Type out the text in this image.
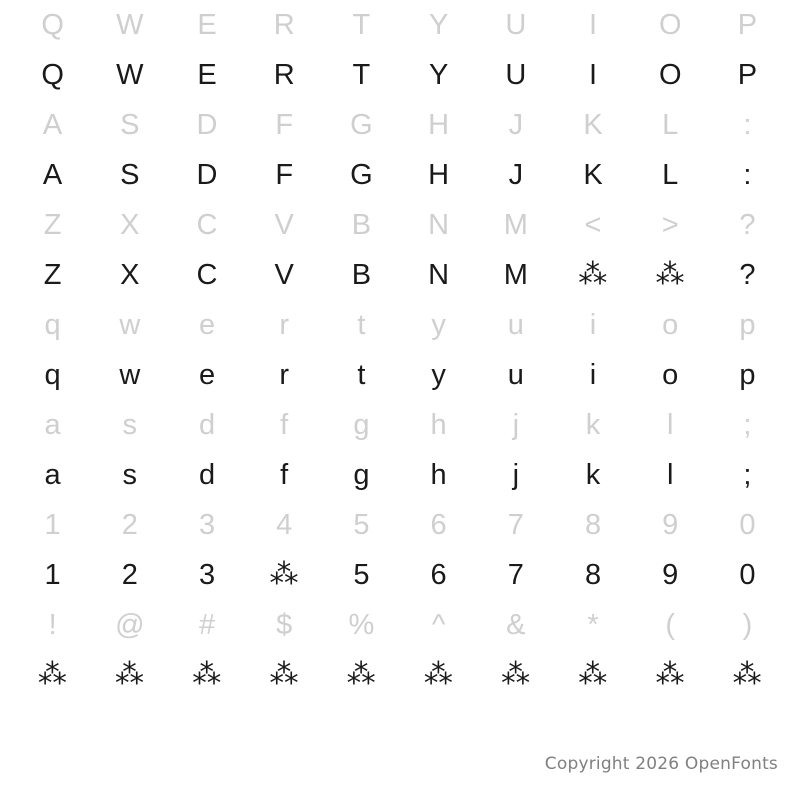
Q	W	E	R	T	Y	U	I	O	P
Q	W	E	R	T	Y	U	I	O	P
A	S	D	F	G	H	J	K	L	:
A	S	D	F	G	H	J	K	L	:
Z	X	C	V	B	N	M	<	>	?
Z	X	C	V	B	N	M	⁂	⁂	?
q	w	e	r	t	y	u	i	o	p
q	w	e	r	t	y	u	i	o	p
a	s	d	f	g	h	j	k	l	;
a	s	d	f	g	h	j	k	l	;
1	2	3	4	5	6	7	8	9	0
1	2	3	⁂	5	6	7	8	9	0
!	@	#	$	%	^	&	*	(	)
⁂	⁂	⁂	⁂	⁂	⁂	⁂	⁂	⁂	⁂
Copyright 2026 OpenFonts
